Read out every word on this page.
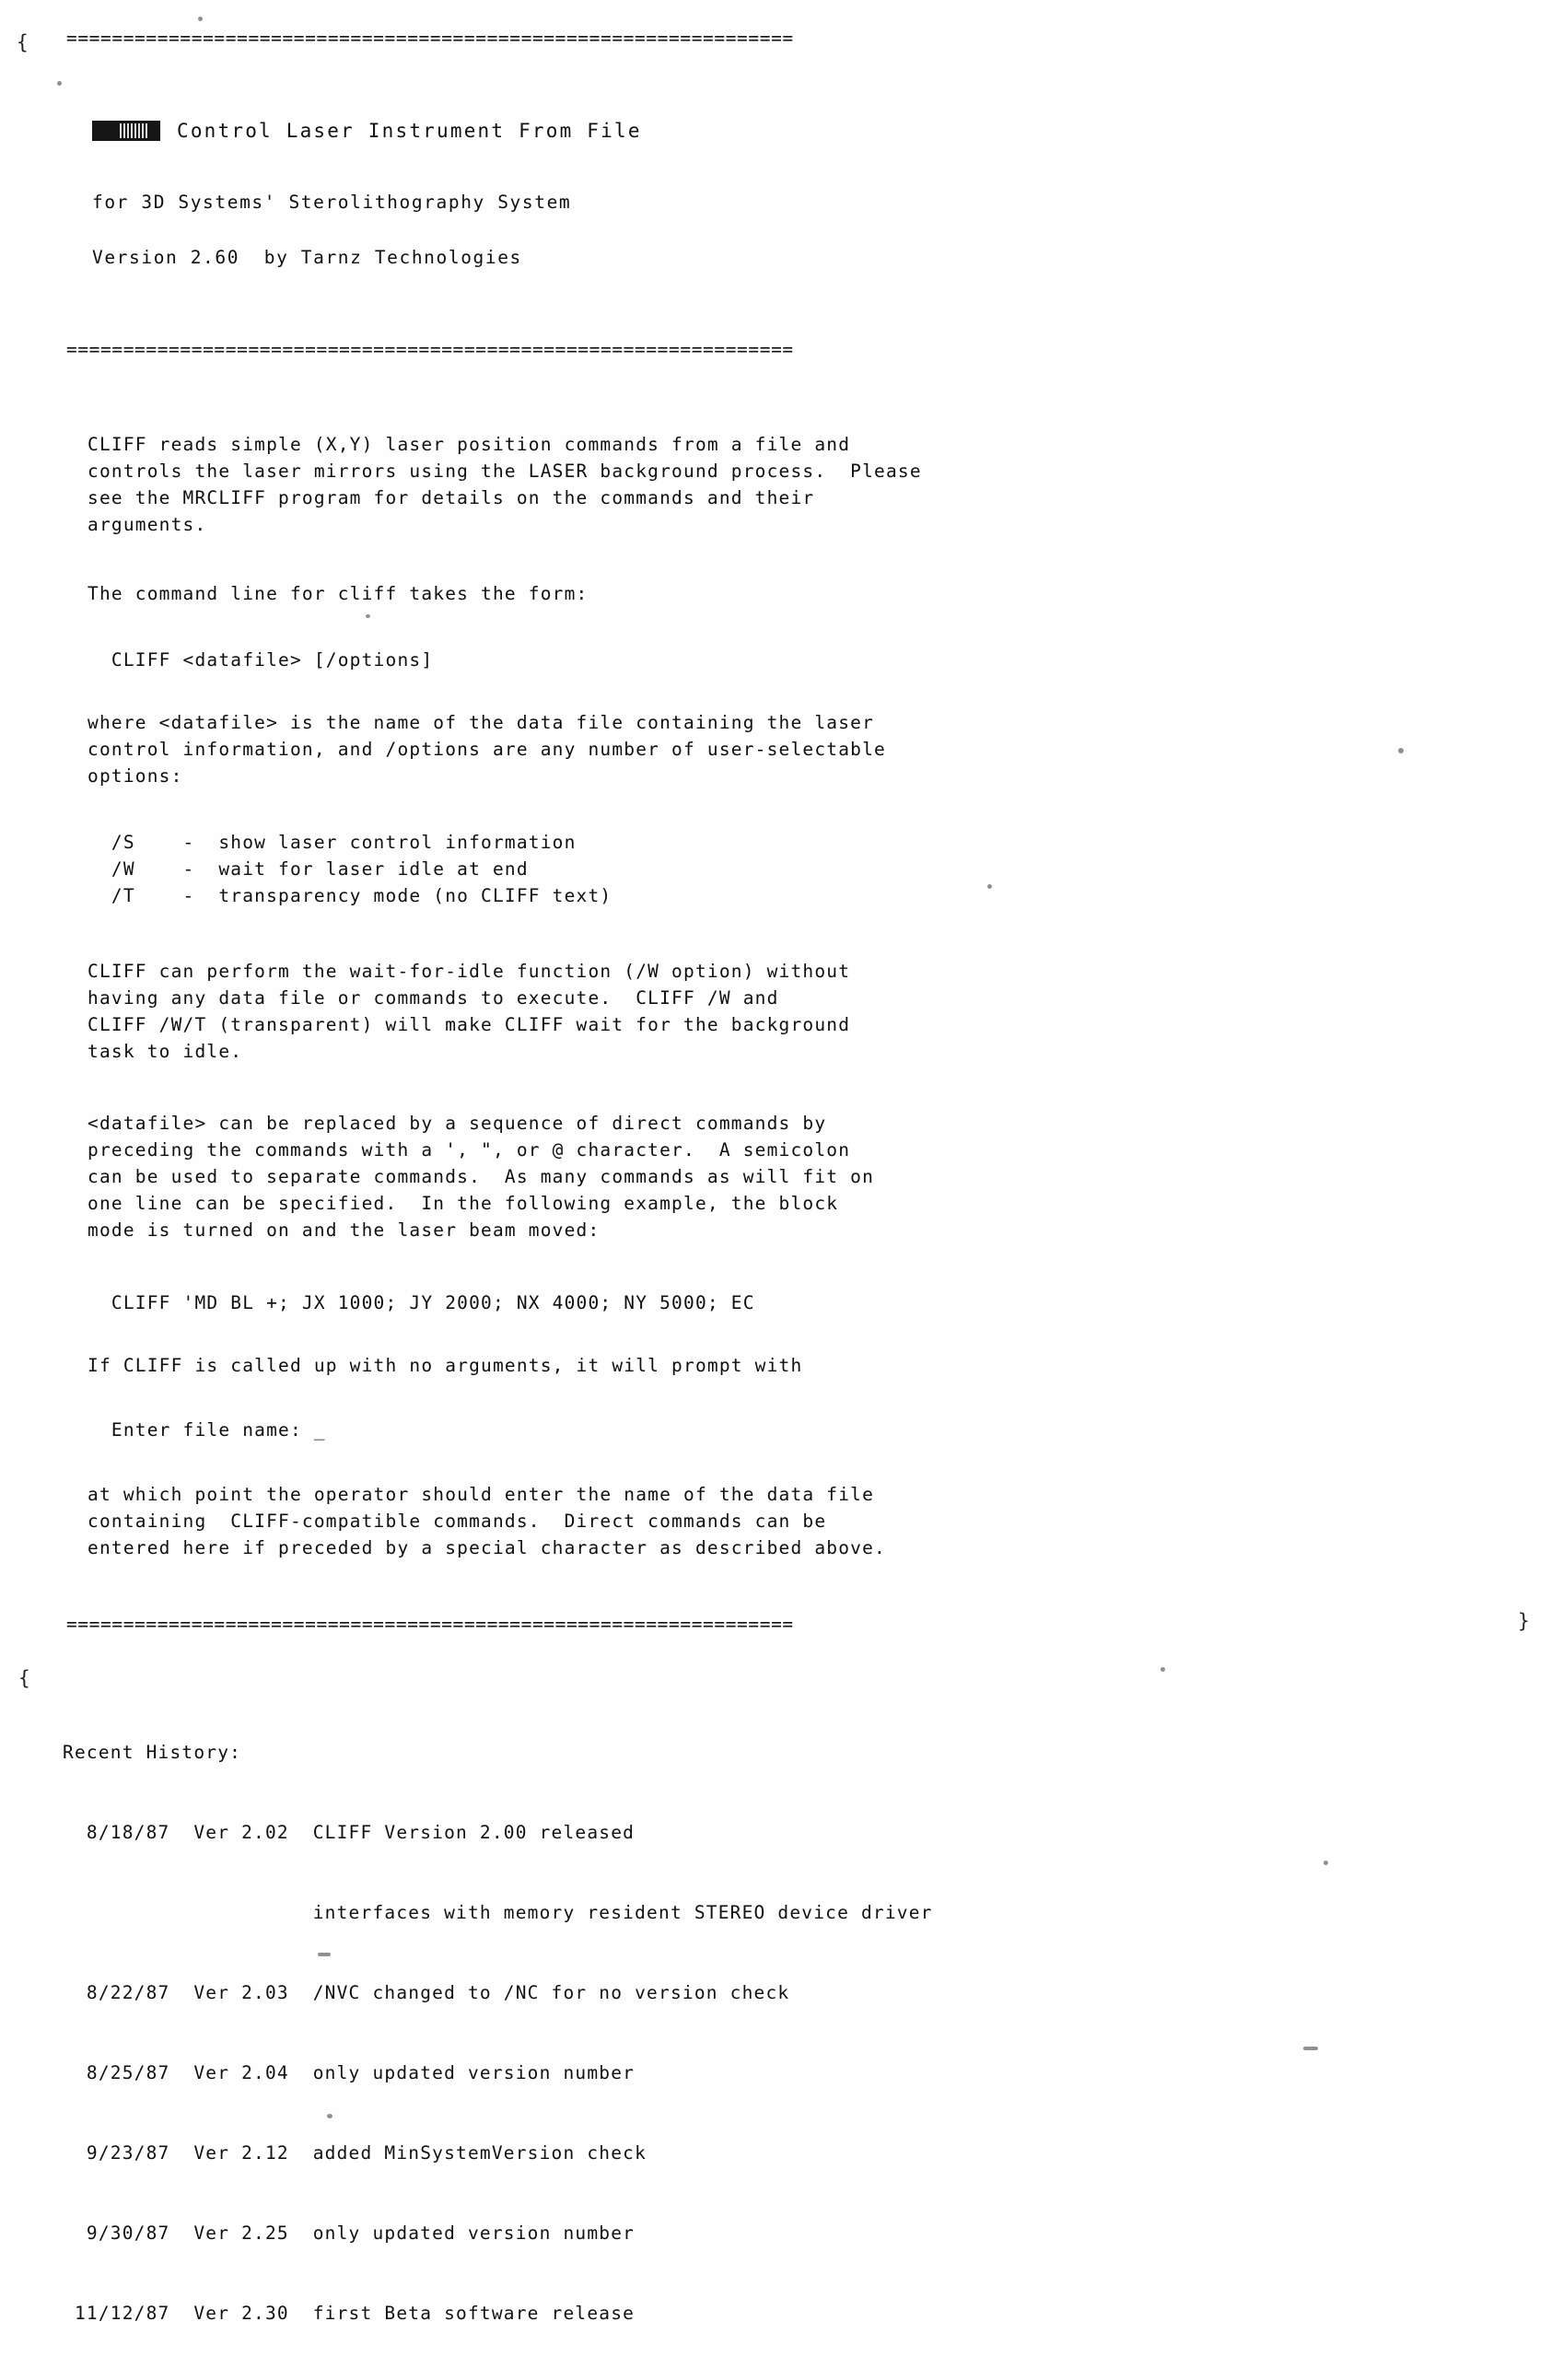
{ ================================================================
Control Laser Instrument From File
for 3D Systems' Sterolithography System
Version 2.60  by Tarnz Technologies
================================================================
CLIFF reads simple (X,Y) laser position commands from a file and
controls the laser mirrors using the LASER background process.  Please
see the MRCLIFF program for details on the commands and their
arguments.
The command line for cliff takes the form:
CLIFF <datafile> [/options]
where <datafile> is the name of the data file containing the laser
control information, and /options are any number of user-selectable
options:
/S    -  show laser control information
/W    -  wait for laser idle at end
/T    -  transparency mode (no CLIFF text)
CLIFF can perform the wait-for-idle function (/W option) without
having any data file or commands to execute.  CLIFF /W and
CLIFF /W/T (transparent) will make CLIFF wait for the background
task to idle.
<datafile> can be replaced by a sequence of direct commands by
preceding the commands with a ', ", or @ character.  A semicolon
can be used to separate commands.  As many commands as will fit on
one line can be specified.  In the following example, the block
mode is turned on and the laser beam moved:
CLIFF 'MD BL +; JX 1000; JY 2000; NX 4000; NY 5000; EC
If CLIFF is called up with no arguments, it will prompt with
Enter file name: _
at which point the operator should enter the name of the data file
containing  CLIFF-compatible commands.  Direct commands can be
entered here if preceded by a special character as described above.
================================================================	}
{
Recent History:

8/18/87  Ver 2.02  CLIFF Version 2.00 released

interfaces with memory resident STEREO device driver

8/22/87  Ver 2.03  /NVC changed to /NC for no version check

8/25/87  Ver 2.04  only updated version number

9/23/87  Ver 2.12  added MinSystemVersion check

9/30/87  Ver 2.25  only updated version number

11/12/87  Ver 2.30  first Beta software release
